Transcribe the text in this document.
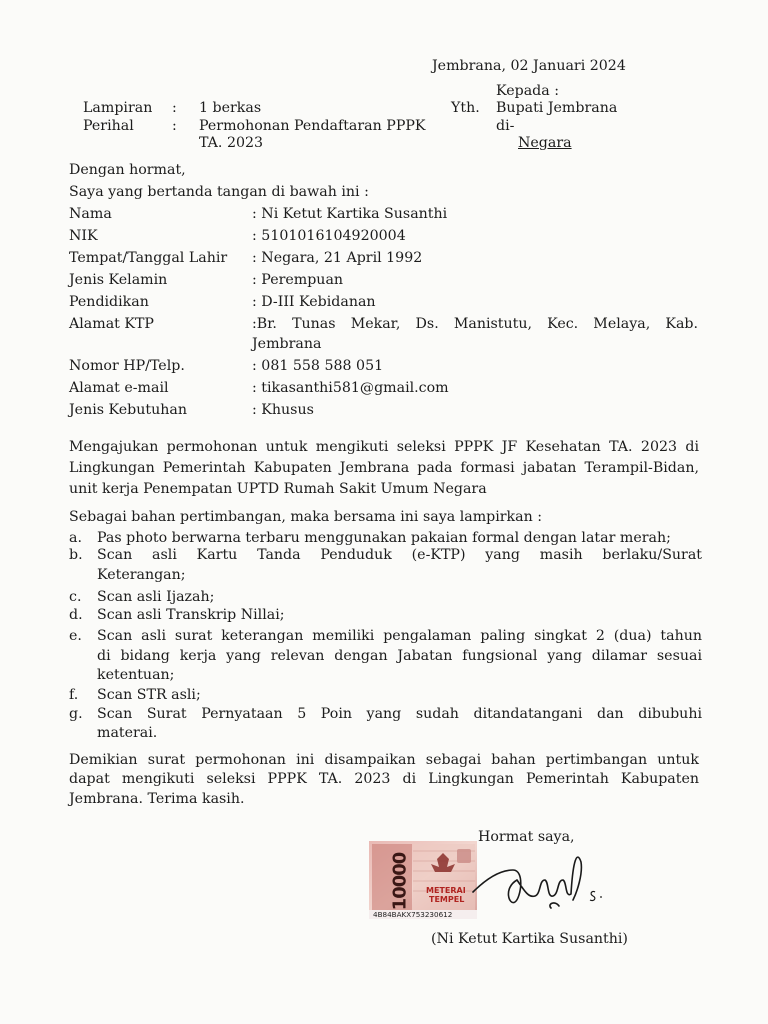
Jembrana, 02 Januari 2024
Lampiran : 1 berkas
Perihal	: Permohonan Pendaftaran PPPK
TA. 2023
Kepada :
Yth. Bupati Jembrana
di-
Negara
Dengan hormat,
Saya yang bertanda tangan di bawah ini :
Nama	: Ni Ketut Kartika Susanthi
NIK	: 5101016104920004
Tempat/Tanggal Lahir : Negara, 21 April 1992
Jenis Kelamin	: Perempuan
Pendidikan	: D-III Kebidanan
Alamat KTP	:Br. Tunas Mekar, Ds. Manistutu, Kec. Melaya, Kab.
Jembrana
Nomor HP/Telp.	: 081 558 588 051
Alamat e-mail	: tikasanthi581@gmail.com
Jenis Kebutuhan	: Khusus
Mengajukan permohonan untuk mengikuti seleksi PPPK JF Kesehatan TA. 2023 di
Lingkungan Pemerintah Kabupaten Jembrana pada formasi jabatan Terampil-Bidan,
unit kerja Penempatan UPTD Rumah Sakit Umum Negara
Sebagai bahan pertimbangan, maka bersama ini saya lampirkan :
a. Pas photo berwarna terbaru menggunakan pakaian formal dengan latar merah;
b. Scan asli Kartu Tanda Penduduk (e-KTP) yang masih berlaku/Surat
Keterangan;
c. Scan asli Ijazah;
d. Scan asli Transkrip Nillai;
e. Scan asli surat keterangan memiliki pengalaman paling singkat 2 (dua) tahun
di bidang kerja yang relevan dengan Jabatan fungsional yang dilamar sesuai
ketentuan;
f. Scan STR asli;
g. Scan Surat Pernyataan 5 Poin yang sudah ditandatangani dan dibubuhi
materai.
Demikian surat permohonan ini disampaikan sebagai bahan pertimbangan untuk
dapat mengikuti seleksi PPPK TA. 2023 di Lingkungan Pemerintah Kabupaten
Jembrana. Terima kasih.
Hormat saya,
10000 METERAI
TEMPEL
4B84BAKX753230612
(Ni Ketut Kartika Susanthi)
